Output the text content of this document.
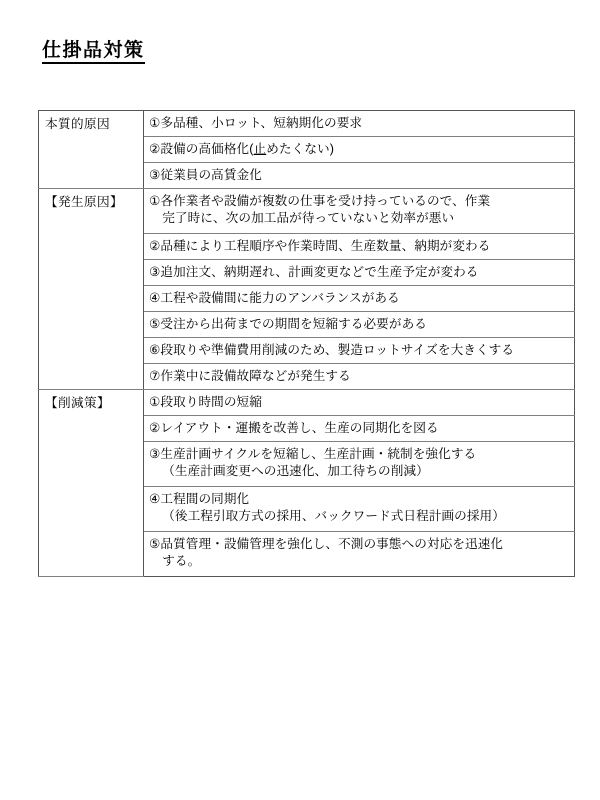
仕掛品対策
本質的原因	①多品種、小ロット、短納期化の要求

	②設備の高価格化(止めたくない)

	③従業員の高賃金化

【発生原因】	①各作業者や設備が複数の仕事を受け持っているので、作業
完了時に、次の加工品が待っていないと効率が悪い

	②品種により工程順序や作業時間、生産数量、納期が変わる

	③追加注文、納期遅れ、計画変更などで生産予定が変わる

	④工程や設備間に能力のアンバランスがある

	⑤受注から出荷までの期間を短縮する必要がある

	⑥段取りや準備費用削減のため、製造ロットサイズを大きくする

	⑦作業中に設備故障などが発生する

【削減策】	①段取り時間の短縮

	②レイアウト・運搬を改善し、生産の同期化を図る

	③生産計画サイクルを短縮し、生産計画・統制を強化する
（生産計画変更への迅速化、加工待ちの削減）

	④工程間の同期化
（後工程引取方式の採用、バックワード式日程計画の採用）

	⑤品質管理・設備管理を強化し、不測の事態への対応を迅速化
する。
